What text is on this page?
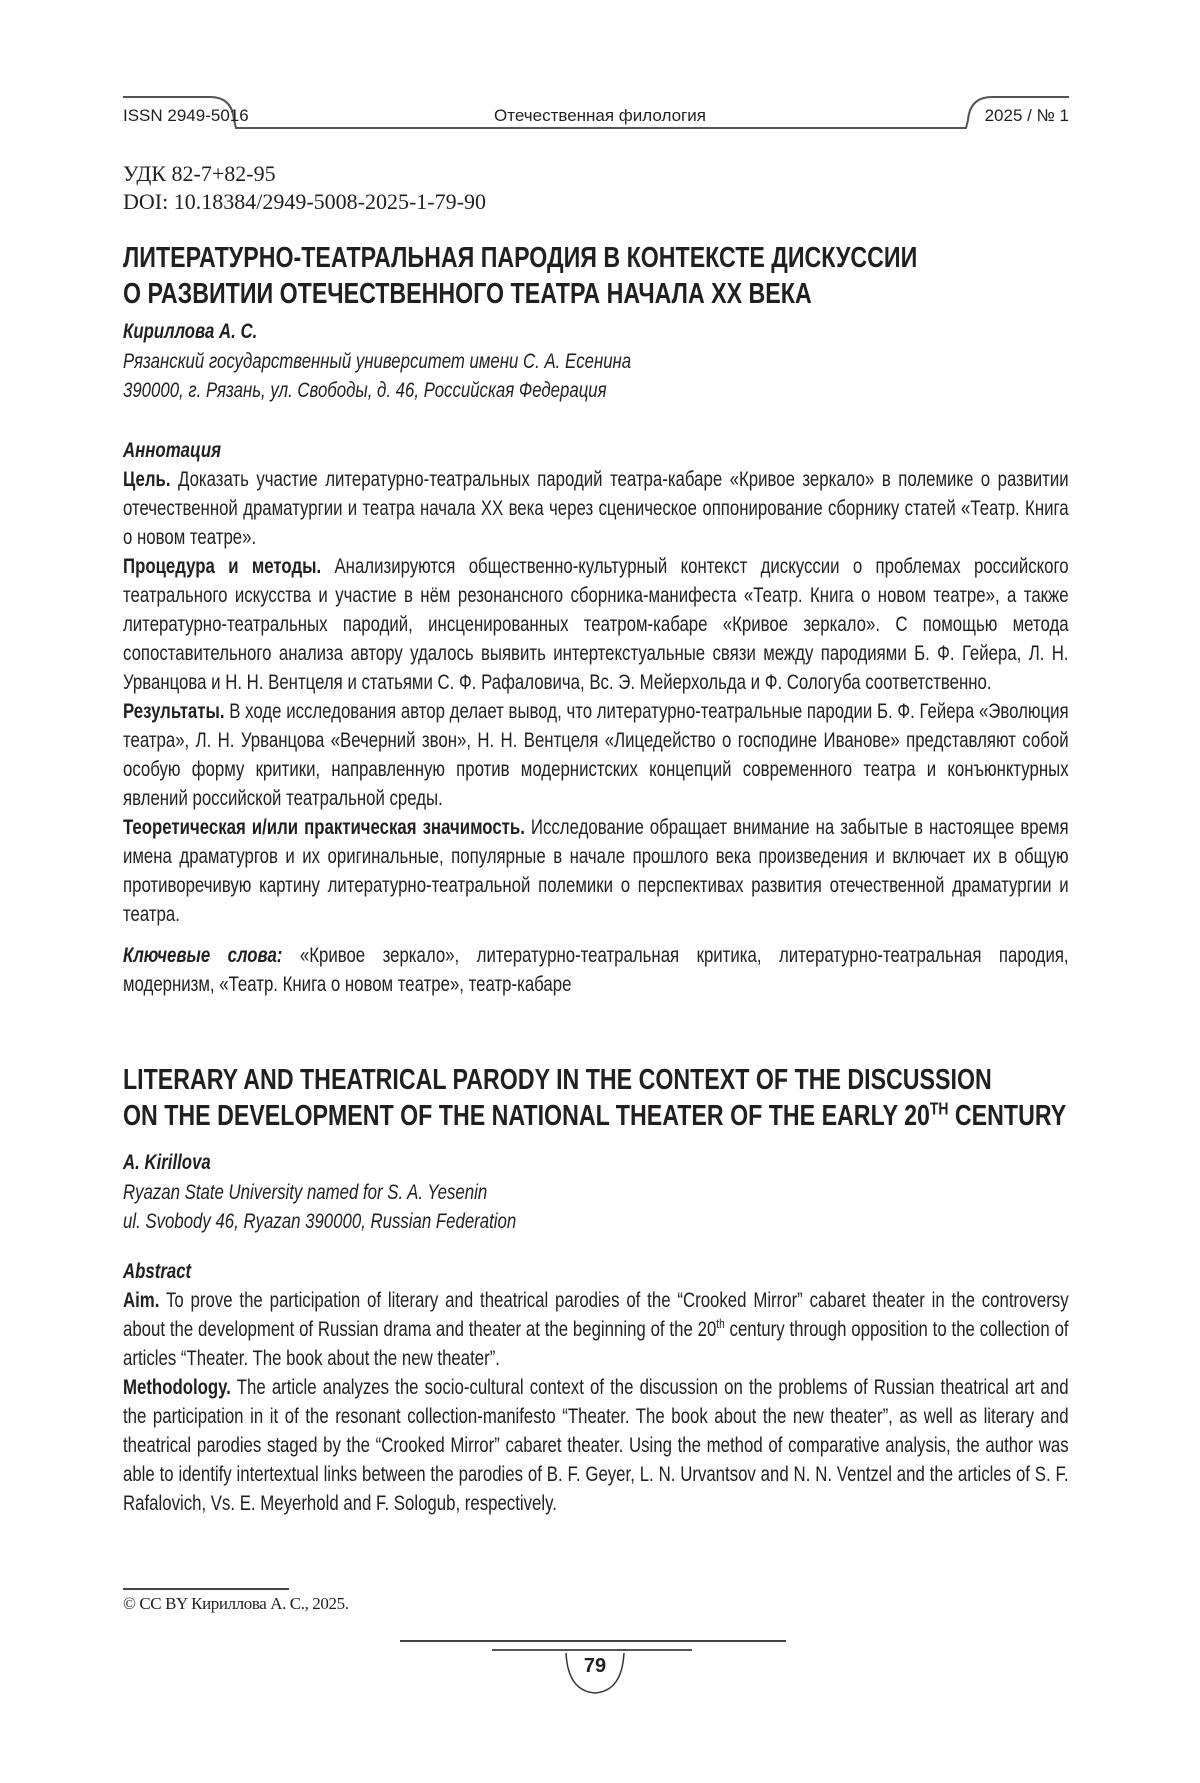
ISSN 2949-5016	Отечественная филология	2025 / № 1
УДК 82-7+82-95
DOI: 10.18384/2949-5008-2025-1-79-90
ЛИТЕРАТУРНО-ТЕАТРАЛЬНАЯ ПАРОДИЯ В КОНТЕКСТЕ ДИСКУССИИ
О РАЗВИТИИ ОТЕЧЕСТВЕННОГО ТЕАТРА НАЧАЛА ХХ ВЕКА
Кириллова А. С.
Рязанский государственный университет имени С. А. Есенина
390000, г. Рязань, ул. Свободы, д. 46, Российская Федерация
Аннотация

Цель. Доказать участие литературно-театральных пародий театра-кабаре «Кривое зеркало» в полемике о развитии отечественной драматургии и театра начала XX века через сценическое оппонирование сборнику статей «Театр. Книга о новом театре».

Процедура и методы. Анализируются общественно-культурный контекст дискуссии о проблемах российского театрального искусства и участие в нём резонансного сборника-манифеста «Театр. Книга о новом театре», а также литературно-театральных пародий, инсценированных театром-кабаре «Кривое зеркало». С помощью метода сопоставительного анализа автору удалось выявить интертекстуальные связи между пародиями Б. Ф. Гейера, Л. Н. Урванцова и Н. Н. Вентцеля и статьями С. Ф. Рафаловича, Вс. Э. Мейерхольда и Ф. Сологуба соответственно.

Результаты. В ходе исследования автор делает вывод, что литературно-театральные пародии Б. Ф. Гейера «Эволюция театра», Л. Н. Урванцова «Вечерний звон», Н. Н. Вентцеля «Лицедейство о господине Иванове» представляют собой особую форму критики, направленную против модернистских концепций современного театра и конъюнктурных явлений российской театральной среды.

Теоретическая и/или практическая значимость. Исследование обращает внимание на забытые в настоящее время имена драматургов и их оригинальные, популярные в начале прошлого века произведения и включает их в общую противоречивую картину литературно-театральной полемики о перспективах развития отечественной драматургии и театра.

Ключевые слова: «Кривое зеркало», литературно-театральная критика, литературно-театральная пародия, модернизм, «Театр. Книга о новом театре», театр-кабаре

LITERARY AND THEATRICAL PARODY IN THE CONTEXT OF THE DISCUSSION
ON THE DEVELOPMENT OF THE NATIONAL THEATER OF THE EARLY 20TH CENTURY
A. Kirillova
Ryazan State University named for S. A. Yesenin
ul. Svobody 46, Ryazan 390000, Russian Federation
Abstract

Aim. To prove the participation of literary and theatrical parodies of the “Crooked Mirror” cabaret theater in the controversy about the development of Russian drama and theater at the beginning of the 20th century through opposition to the collection of articles “Theater. The book about the new theater”.

Methodology. The article analyzes the socio-cultural context of the discussion on the problems of Russian theatrical art and the participation in it of the resonant collection-manifesto “Theater. The book about the new theater”, as well as literary and theatrical parodies staged by the “Crooked Mirror” cabaret theater. Using the method of comparative analysis, the author was able to identify intertextual links between the parodies of B. F. Geyer, L. N. Urvantsov and N. N. Ventzel and the articles of S. F. Rafalovich, Vs. E. Meyerhold and F. Sologub, respectively.

© CC BY Кириллова А. С., 2025.
79
